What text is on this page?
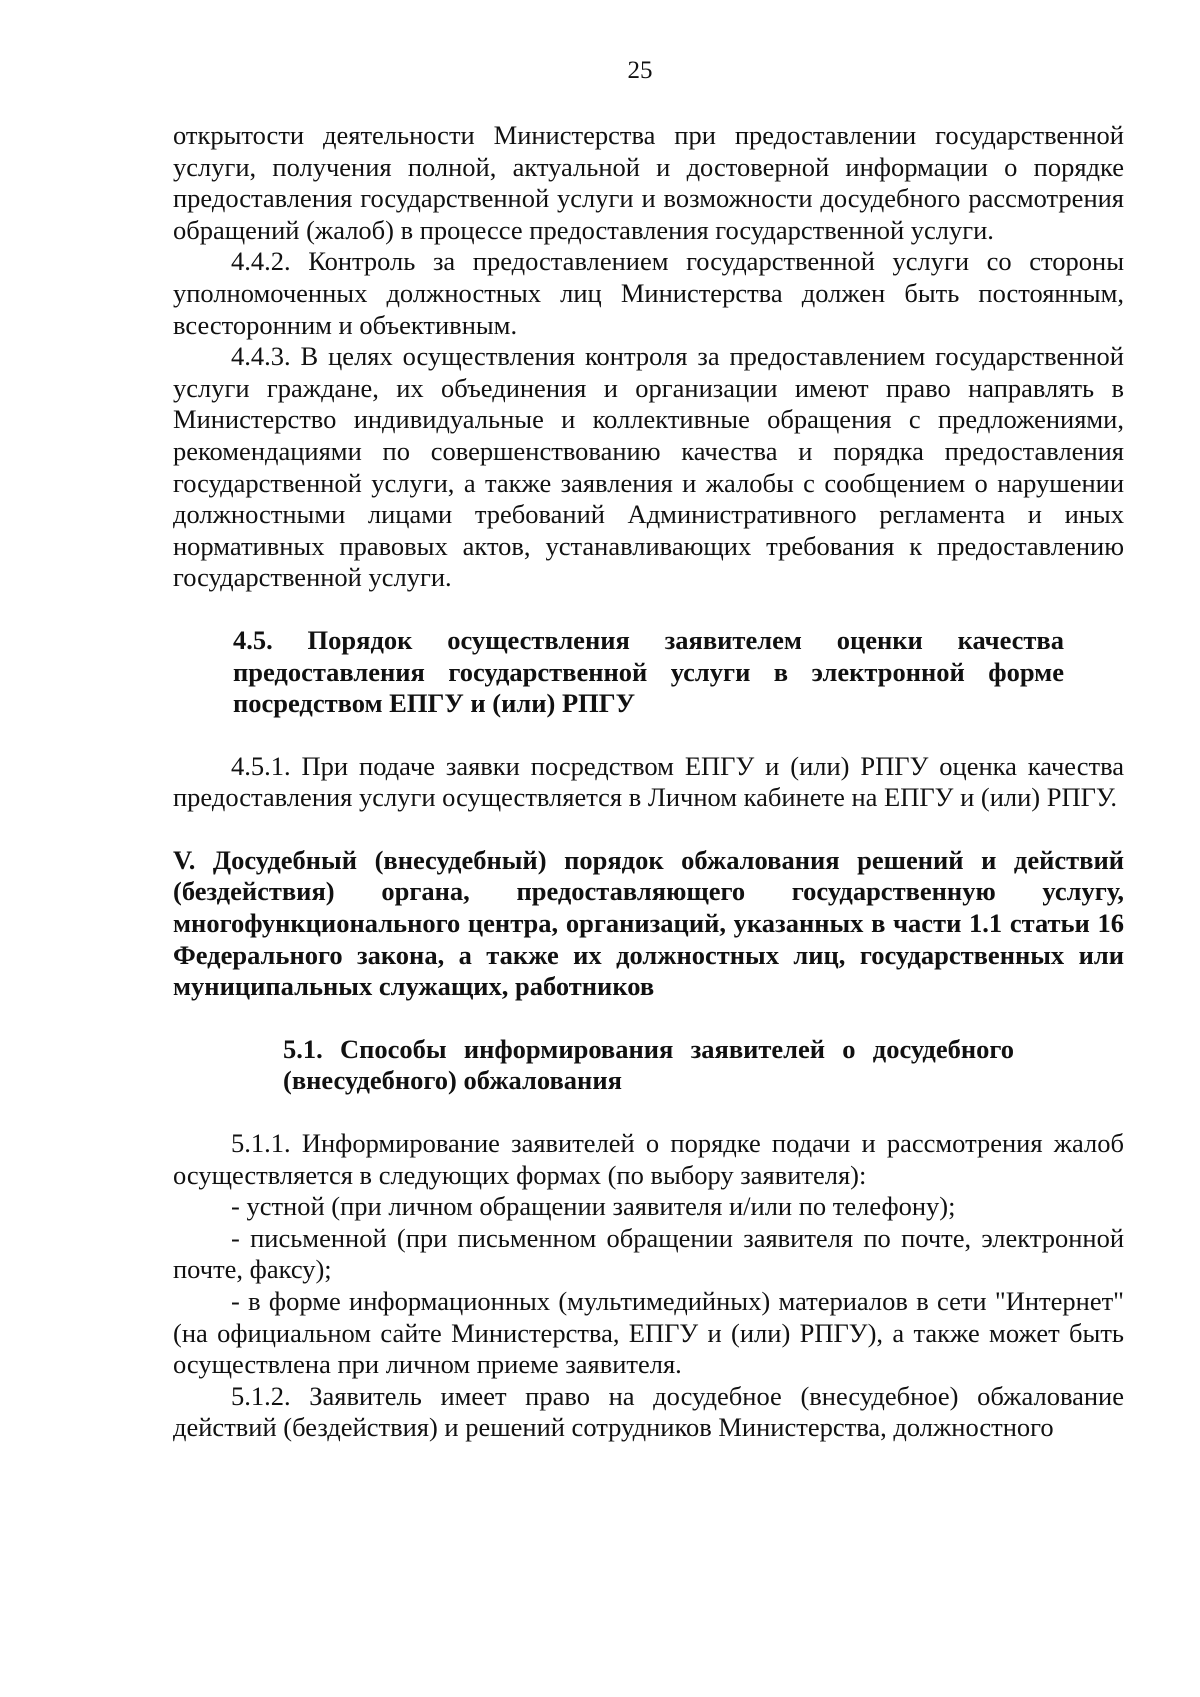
25

открытости деятельности Министерства при предоставлении государственной услуги, получения полной, актуальной и достоверной информации о порядке предоставления государственной услуги и возможности досудебного рассмотрения обращений (жалоб) в процессе предоставления государственной услуги.

4.4.2. Контроль за предоставлением государственной услуги со стороны уполномоченных должностных лиц Министерства должен быть постоянным, всесторонним и объективным.

4.4.3. В целях осуществления контроля за предоставлением государственной услуги граждане, их объединения и организации имеют право направлять в Министерство индивидуальные и коллективные обращения с предложениями, рекомендациями по совершенствованию качества и порядка предоставления государственной услуги, а также заявления и жалобы с сообщением о нарушении должностными лицами требований Административного регламента и иных нормативных правовых актов, устанавливающих требования к предоставлению государственной услуги.

4.5. Порядок осуществления заявителем оценки качества предоставления государственной услуги в электронной форме посредством ЕПГУ и (или) РПГУ

4.5.1. При подаче заявки посредством ЕПГУ и (или) РПГУ оценка качества предоставления услуги осуществляется в Личном кабинете на ЕПГУ и (или) РПГУ.

V. Досудебный (внесудебный) порядок обжалования решений и действий (бездействия) органа, предоставляющего государственную услугу, многофункционального центра, организаций, указанных в части 1.1 статьи 16 Федерального закона, а также их должностных лиц, государственных или муниципальных служащих, работников

5.1. Способы информирования заявителей о досудебного (внесудебного) обжалования

5.1.1. Информирование заявителей о порядке подачи и рассмотрения жалоб осуществляется в следующих формах (по выбору заявителя):

- устной (при личном обращении заявителя и/или по телефону);

- письменной (при письменном обращении заявителя по почте, электронной почте, факсу);

- в форме информационных (мультимедийных) материалов в сети "Интернет" (на официальном сайте Министерства, ЕПГУ и (или) РПГУ), а также может быть осуществлена при личном приеме заявителя.

5.1.2. Заявитель имеет право на досудебное (внесудебное) обжалование действий (бездействия) и решений сотрудников Министерства, должностного
